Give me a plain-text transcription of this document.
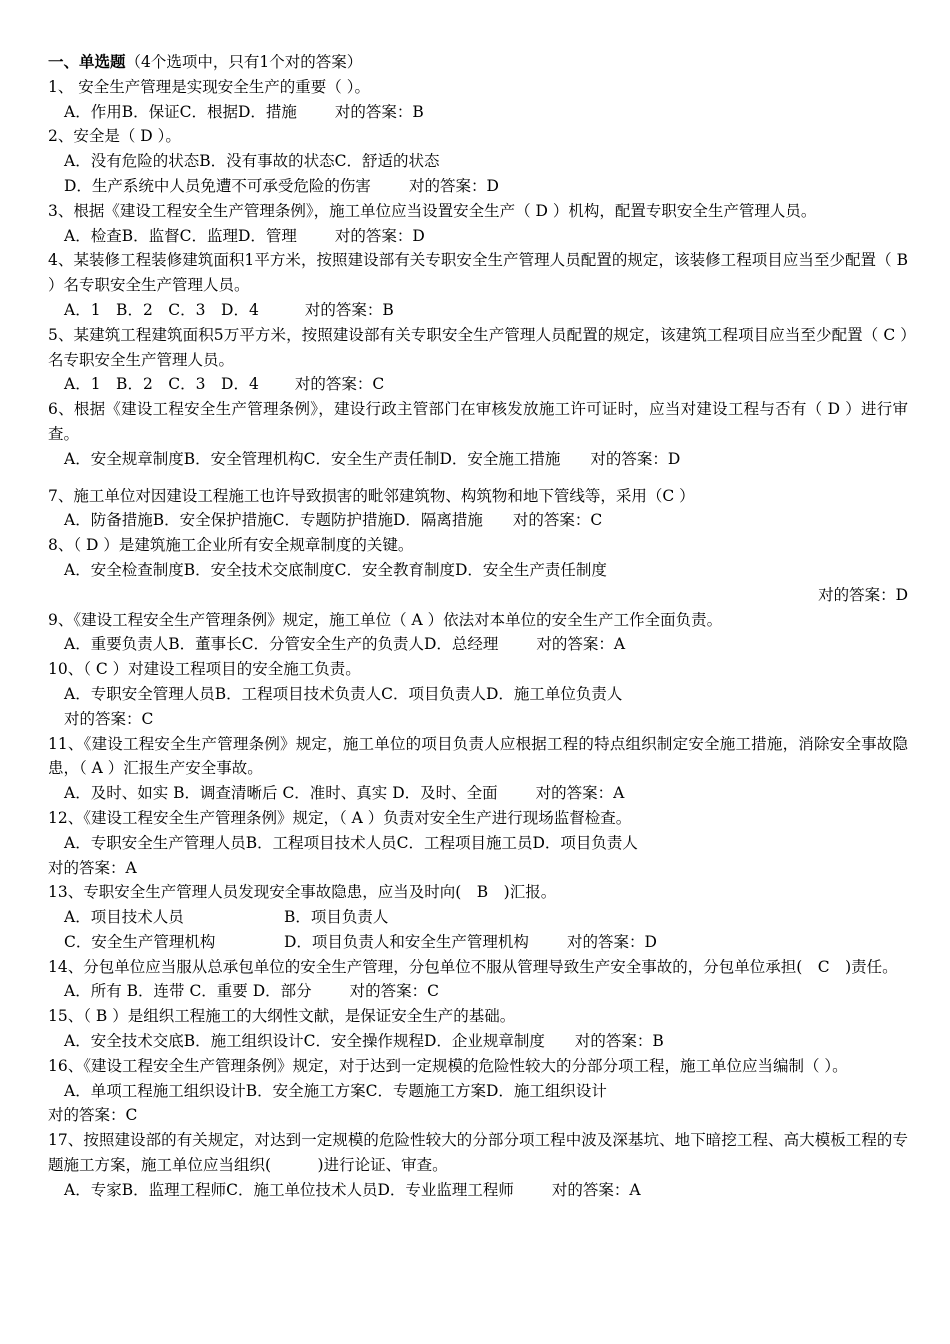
一、单选题（4个选项中，只有1个对的答案）
1、 安全生产管理是实现安全生产的重要（ ）。
A．作用B．保证C．根据D．措施 对的答案：B
2、安全是（ D ）。
A．没有危险的状态B．没有事故的状态C．舒适的状态
D．生产系统中人员免遭不可承受危险的伤害 对的答案：D
3、根据《建设工程安全生产管理条例》，施工单位应当设置安全生产（ D ）机构，配置专职安全生产管理人员。
A．检查B．监督C．监理D．管理 对的答案：D
4、某装修工程装修建筑面积1平方米，按照建设部有关专职安全生产管理人员配置的规定，该装修工程项目应当至少配置（ B ）名专职安全生产管理人员。
A．1　B．2　C．3　D．4	对的答案：B
5、某建筑工程建筑面积5万平方米，按照建设部有关专职安全生产管理人员配置的规定，该建筑工程项目应当至少配置（ C ）名专职安全生产管理人员。
A．1　B．2　C．3　D．4 对的答案：C
6、根据《建设工程安全生产管理条例》，建设行政主管部门在审核发放施工许可证时，应当对建设工程与否有（ D ）进行审查。
A．安全规章制度B．安全管理机构C．安全生产责任制D．安全施工措施 对的答案：D
7、施工单位对因建设工程施工也许导致损害的毗邻建筑物、构筑物和地下管线等，采用（C ）
A．防备措施B．安全保护措施C．专题防护措施D．隔离措施 对的答案：C
8、（ D ）是建筑施工企业所有安全规章制度的关键。
A．安全检查制度B．安全技术交底制度C．安全教育制度D．安全生产责任制度
对的答案：D
9、《建设工程安全生产管理条例》规定，施工单位（ A ）依法对本单位的安全生产工作全面负责。
A．重要负责人B．董事长C．分管安全生产的负责人D．总经理 对的答案：A
10、（ C ）对建设工程项目的安全施工负责。
A．专职安全管理人员B．工程项目技术负责人C．项目负责人D．施工单位负责人
对的答案：C
11、《建设工程安全生产管理条例》规定，施工单位的项目负责人应根据工程的特点组织制定安全施工措施，消除安全事故隐患，（ A ）汇报生产安全事故。
A．及时、如实 B．调查清晰后 C．准时、真实 D．及时、全面 对的答案：A
12、《建设工程安全生产管理条例》规定，（ A ）负责对安全生产进行现场监督检查。
A．专职安全生产管理人员B．工程项目技术人员C．工程项目施工员D．项目负责人
对的答案：A
13、专职安全生产管理人员发现安全事故隐患，应当及时向(　B　)汇报。
A．项目技术人员	B．项目负责人
C．安全生产管理机构	D．项目负责人和安全生产管理机构 对的答案：D
14、分包单位应当服从总承包单位的安全生产管理，分包单位不服从管理导致生产安全事故的，分包单位承担(　C　)责任。
A．所有 B．连带 C．重要 D．部分 对的答案：C
15、（ B ）是组织工程施工的大纲性文献，是保证安全生产的基础。
A．安全技术交底B．施工组织设计C．安全操作规程D．企业规章制度 对的答案：B
16、《建设工程安全生产管理条例》规定，对于达到一定规模的危险性较大的分部分项工程，施工单位应当编制（ ）。
A．单项工程施工组织设计B．安全施工方案C．专题施工方案D．施工组织设计
对的答案：C
17、按照建设部的有关规定，对达到一定规模的危险性较大的分部分项工程中波及深基坑、地下暗挖工程、高大模板工程的专题施工方案，施工单位应当组织(　　　)进行论证、审查。
A．专家B．监理工程师C．施工单位技术人员D．专业监理工程师 对的答案：A
